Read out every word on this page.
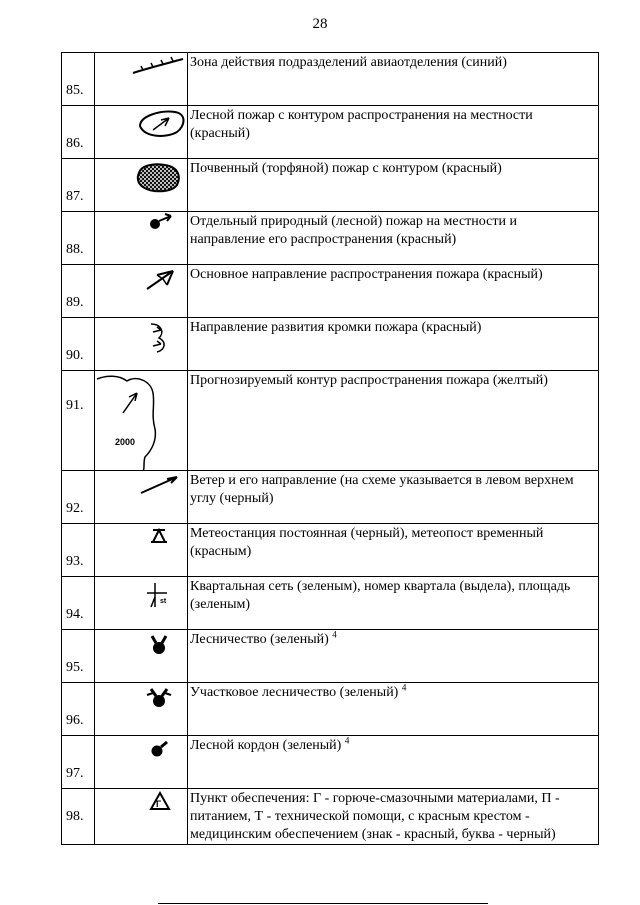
28
85.		Зона действия подразделений авиаотделения (синий)
86.		Лесной пожар с контуром распространения на местности (красный)
87.		Почвенный (торфяной) пожар с контуром (красный)
88.		Отдельный природный (лесной) пожар на местности и направление его распространения (красный)
89.		Основное направление распространения пожара (красный)
90.		Направление развития кромки пожара (красный)
91.	2000	Прогнозируемый контур распространения пожара (желтый)
92.		Ветер и его направление (на схеме указывается в левом верхнем углу (черный)
93.		Метеостанция постоянная (черный), метеопост временный (красным)
94.	st	Квартальная сеть (зеленым), номер квартала (выдела), площадь (зеленым)
95.		Лесничество (зеленый) $^4$
96.		Участковое лесничество (зеленый) $^4$
97.		Лесной кордон (зеленый) $^4$
98.	Г	Пункт обеспечения: Г - горюче-смазочными материалами, П - питанием, Т - технической помощи, с красным крестом - медицинским обеспечением (знак - красный, буква - черный)
